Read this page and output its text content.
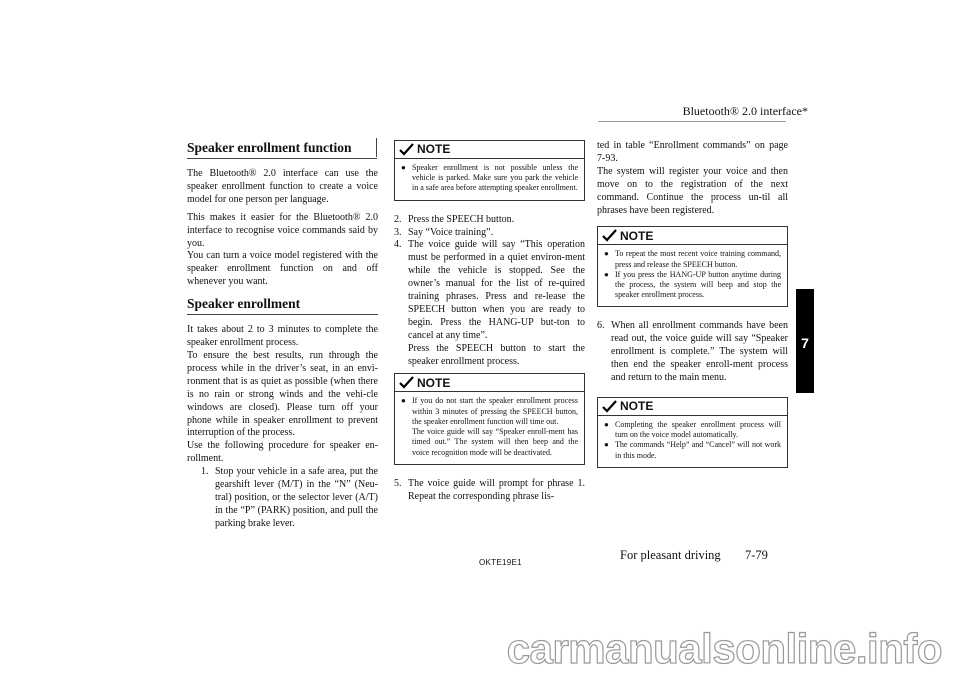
Bluetooth® 2.0 interface*
7
Speaker enrollment function

The Bluetooth® 2.0 interface can use the speaker enrollment function to create a voice model for one person per language.

This makes it easier for the Bluetooth® 2.0 interface to recognise voice commands said by you.

You can turn a voice model registered with the speaker enrollment function on and off whenever you want.

Speaker enrollment

It takes about 2 to 3 minutes to complete the speaker enrollment process.

To ensure the best results, run through the process while in the driver’s seat, in an envi-ronment that is as quiet as possible (when there is no rain or strong winds and the vehi-cle windows are closed). Please turn off your phone while in speaker enrollment to prevent interruption of the process.

Use the following procedure for speaker en-rollment.

1. Stop your vehicle in a safe area, put the gearshift lever (M/T) in the “N” (Neu-tral) position, or the selector lever (A/T) in the “P” (PARK) position, and pull the parking brake lever.
NOTE
● Speaker enrollment is not possible unless the vehicle is parked. Make sure you park the vehicle in a safe area before attempting speaker enrollment.
2. Press the SPEECH button.
3. Say “Voice training”.
4. The voice guide will say “This operation must be performed in a quiet environ-ment while the vehicle is stopped. See the owner’s manual for the list of re-quired training phrases. Press and re-lease the SPEECH button when you are ready to begin. Press the HANG-UP but-ton to cancel at any time”.
Press the SPEECH button to start the speaker enrollment process.
NOTE
● If you do not start the speaker enrollment process within 3 minutes of pressing the SPEECH button, the speaker enrollment function will time out.
The voice guide will say “Speaker enroll-ment has timed out.” The system will then beep and the voice recognition mode will be deactivated.
5. The voice guide will prompt for phrase 1. Repeat the corresponding phrase lis-

ted in table “Enrollment commands” on page 7-93.

The system will register your voice and then move on to the registration of the next command. Continue the process un-til all phrases have been registered.

NOTE
● To repeat the most recent voice training command, press and release the SPEECH button.
● If you press the HANG-UP button anytime during the process, the system will beep and stop the speaker enrollment process.
6. When all enrollment commands have been read out, the voice guide will say “Speaker enrollment is complete.” The system will then end the speaker enroll-ment process and return to the main menu.
NOTE
● Completing the speaker enrollment process will turn on the voice model automatically.
● The commands “Help” and “Cancel” will not work in this mode.
OKTE19E1
For pleasant driving 7-79
carmanualsonline.info
